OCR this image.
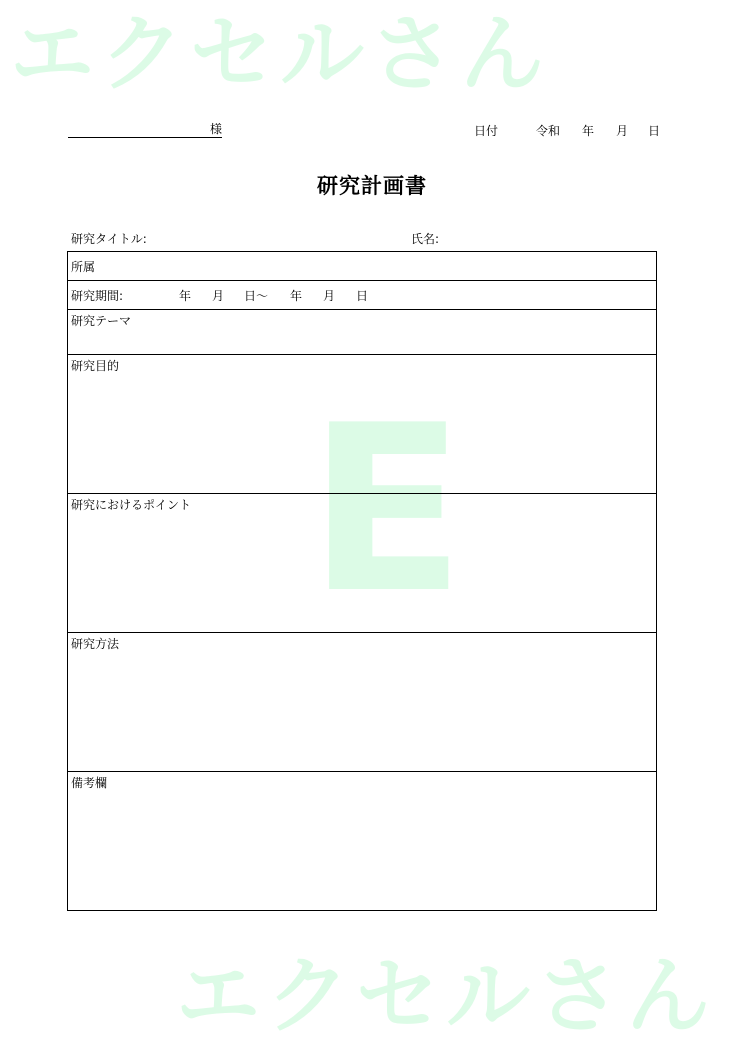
エクセルさん
E
エクセルさん
様	日付	令和 年 月 日
研究計画書
研究タイトル:	氏名:
所属
研究期間:	年 月 日〜 年 月 日
研究テーマ
研究目的
研究におけるポイント
研究方法
備考欄
